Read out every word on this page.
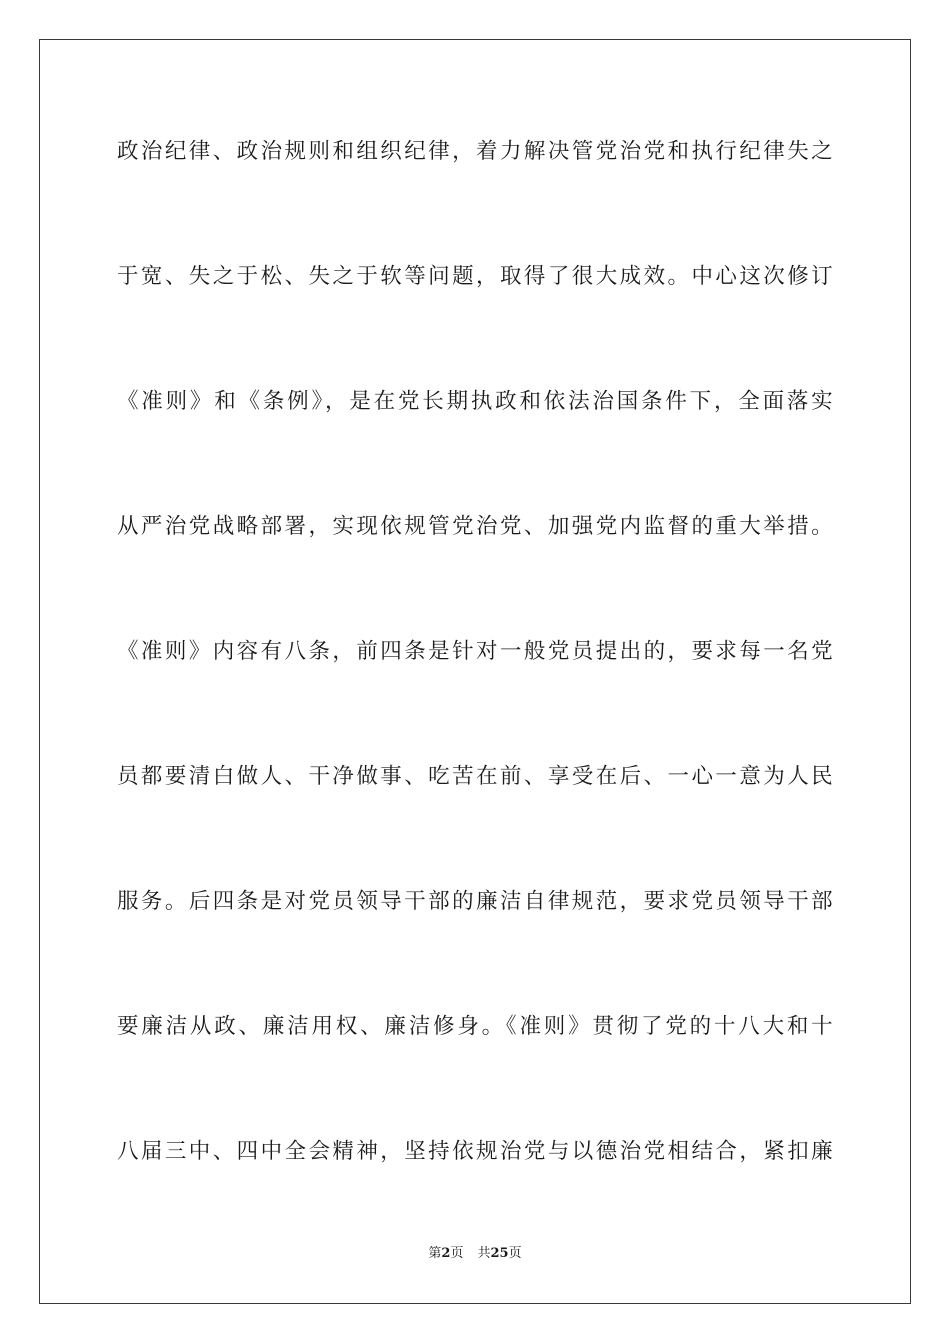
政治纪律、政治规则和组织纪律，着力解决管党治党和执行纪律失之
于宽、失之于松、失之于软等问题，取得了很大成效。中心这次修订
《准则》和《条例》，是在党长期执政和依法治国条件下，全面落实
从严治党战略部署，实现依规管党治党、加强党内监督的重大举措。
《准则》内容有八条，前四条是针对一般党员提出的，要求每一名党
员都要清白做人、干净做事、吃苦在前、享受在后、一心一意为人民
服务。后四条是对党员领导干部的廉洁自律规范，要求党员领导干部
要廉洁从政、廉洁用权、廉洁修身。《准则》贯彻了党的十八大和十
八届三中、四中全会精神，坚持依规治党与以德治党相结合，紧扣廉
第2页 共25页
